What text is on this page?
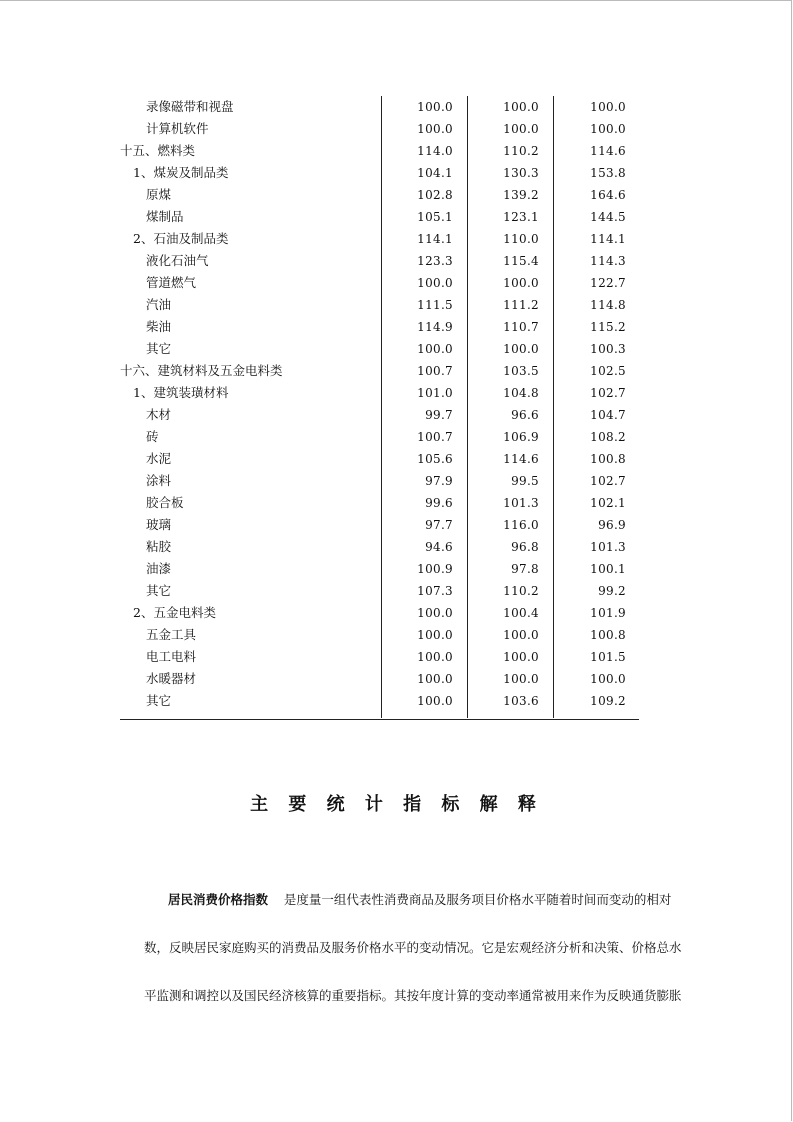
录像磁带和视盘	100.0	100.0	100.0
计算机软件	100.0	100.0	100.0
十五、燃料类	114.0	110.2	114.6
1、煤炭及制品类	104.1	130.3	153.8
原煤	102.8	139.2	164.6
煤制品	105.1	123.1	144.5
2、石油及制品类	114.1	110.0	114.1
液化石油气	123.3	115.4	114.3
管道燃气	100.0	100.0	122.7
汽油	111.5	111.2	114.8
柴油	114.9	110.7	115.2
其它	100.0	100.0	100.3
十六、建筑材料及五金电料类	100.7	103.5	102.5
1、建筑装璜材料	101.0	104.8	102.7
木材	99.7	96.6	104.7
砖	100.7	106.9	108.2
水泥	105.6	114.6	100.8
涂料	97.9	99.5	102.7
胶合板	99.6	101.3	102.1
玻璃	97.7	116.0	96.9
粘胶	94.6	96.8	101.3
油漆	100.9	97.8	100.1
其它	107.3	110.2	99.2
2、五金电料类	100.0	100.4	101.9
五金工具	100.0	100.0	100.8
电工电料	100.0	100.0	101.5
水暖器材	100.0	100.0	100.0
其它	100.0	103.6	109.2
主 要 统 计 指 标 解 释
居民消费价格指数 是度量一组代表性消费商品及服务项目价格水平随着时间而变动的相对
数，反映居民家庭购买的消费品及服务价格水平的变动情况。它是宏观经济分析和决策、价格总水
平监测和调控以及国民经济核算的重要指标。其按年度计算的变动率通常被用来作为反映通货膨胀
